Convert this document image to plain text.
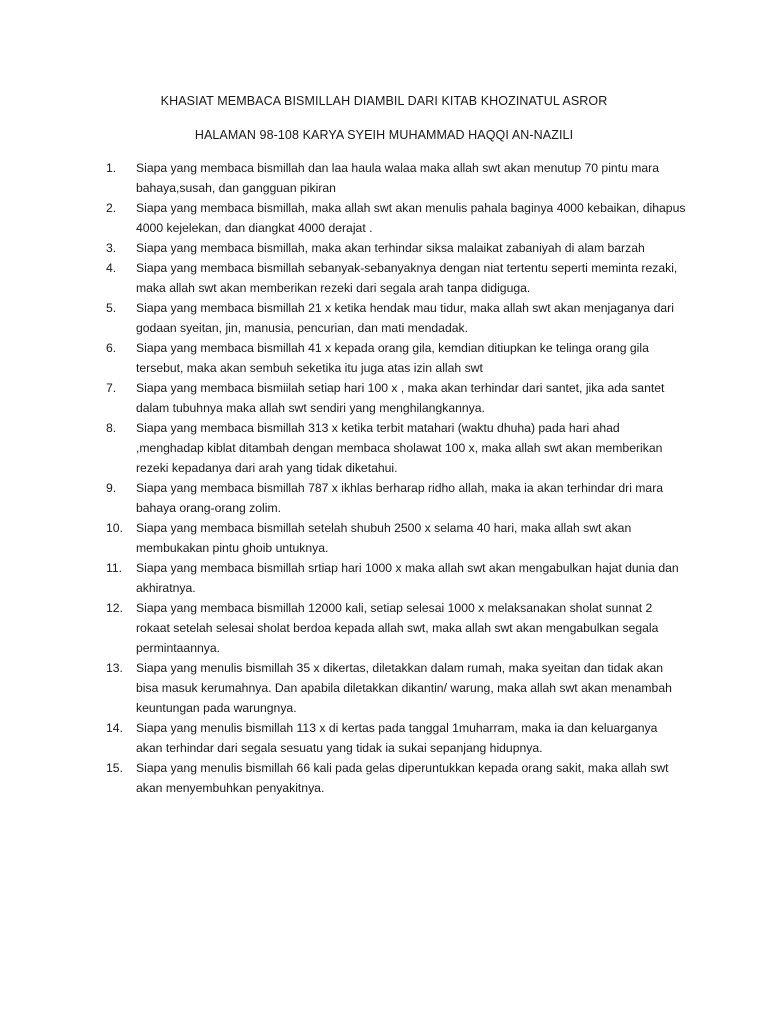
KHASIAT MEMBACA BISMILLAH DIAMBIL DARI KITAB KHOZINATUL ASROR
HALAMAN 98-108 KARYA SYEIH MUHAMMAD HAQQI AN-NAZILI
1.	Siapa yang membaca bismillah dan laa haula walaa maka allah swt akan menutup 70 pintu mara bahaya,susah, dan gangguan pikiran
2.	Siapa yang membaca bismillah, maka allah swt akan menulis pahala baginya 4000 kebaikan, dihapus 4000 kejelekan, dan diangkat 4000 derajat .
3.	Siapa yang membaca bismillah, maka akan terhindar siksa malaikat zabaniyah di alam barzah
4.	Siapa yang membaca bismillah sebanyak-sebanyaknya dengan niat tertentu seperti meminta rezaki, maka allah swt akan memberikan rezeki dari segala arah tanpa didiguga.
5.	Siapa yang membaca bismillah 21 x ketika hendak mau tidur, maka allah swt akan menjaganya dari godaan syeitan, jin, manusia, pencurian, dan mati mendadak.
6.	Siapa yang membaca bismillah 41 x kepada orang gila, kemdian ditiupkan ke telinga orang gila tersebut, maka akan sembuh seketika itu juga atas izin allah swt
7.	Siapa yang membaca bismiilah setiap hari 100 x , maka akan terhindar dari santet, jika ada santet dalam tubuhnya maka allah swt sendiri yang menghilangkannya.
8.	Siapa yang membaca bismillah 313 x ketika terbit matahari (waktu dhuha) pada hari ahad ,menghadap kiblat ditambah dengan membaca sholawat 100 x, maka allah swt akan memberikan rezeki kepadanya dari arah yang tidak diketahui.
9.	Siapa yang membaca bismillah 787 x ikhlas berharap ridho allah, maka ia akan terhindar dri mara bahaya orang-orang zolim.
10.	Siapa yang membaca bismillah setelah shubuh 2500 x selama 40 hari, maka allah swt akan membukakan pintu ghoib untuknya.
11.	Siapa yang membaca bismillah srtiap hari 1000 x maka allah swt akan mengabulkan hajat dunia dan akhiratnya.
12.	Siapa yang membaca bismillah 12000 kali, setiap selesai 1000 x melaksanakan sholat sunnat 2 rokaat setelah selesai sholat berdoa kepada allah swt, maka allah swt akan mengabulkan segala permintaannya.
13.	Siapa yang menulis bismillah 35 x dikertas, diletakkan dalam rumah, maka syeitan dan tidak akan bisa masuk kerumahnya. Dan apabila diletakkan dikantin/ warung, maka allah swt akan menambah keuntungan pada warungnya.
14.	Siapa yang menulis bismillah 113 x di kertas pada tanggal 1muharram, maka ia dan keluarganya akan terhindar dari segala sesuatu yang tidak ia sukai sepanjang hidupnya.
15.	Siapa yang menulis bismillah 66 kali pada gelas diperuntukkan kepada orang sakit, maka allah swt akan menyembuhkan penyakitnya.
